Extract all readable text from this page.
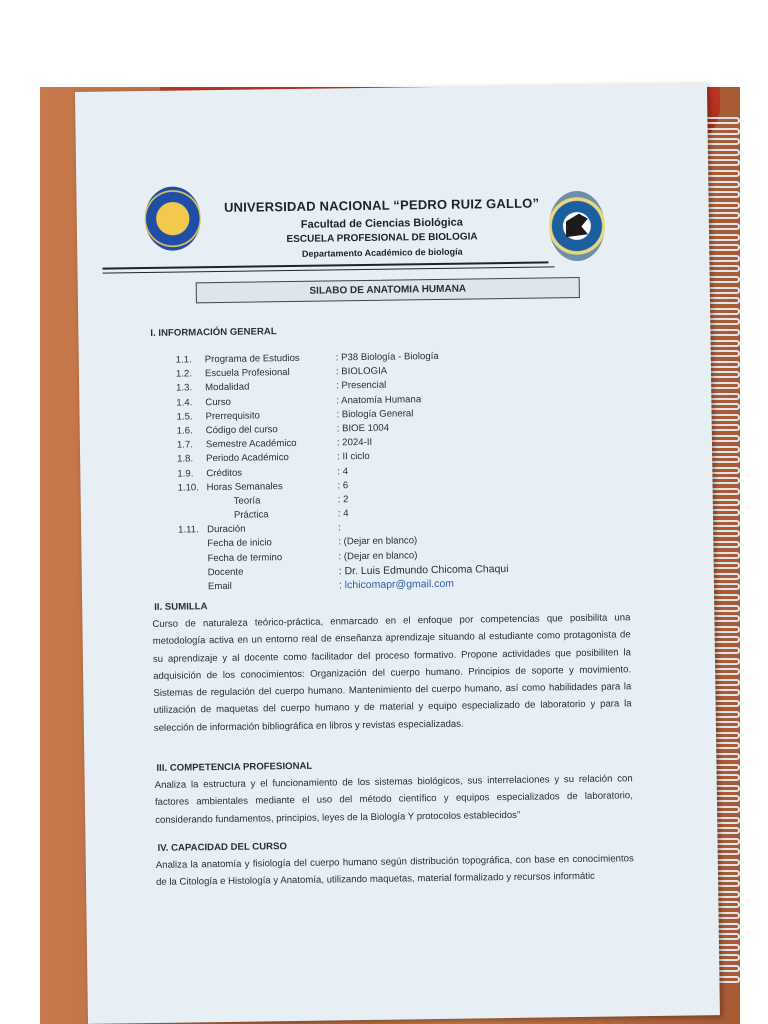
UNIVERSIDAD NACIONAL “PEDRO RUIZ GALLO”
Facultad de Ciencias Biológica
ESCUELA PROFESIONAL DE BIOLOGIA
Departamento Académico de biología
SILABO DE ANATOMIA HUMANA
I. INFORMACIÓN GENERAL
1.1. Programa de Estudios	: P38 Biología - Biología
1.2. Escuela Profesional	: BIOLOGIA
1.3. Modalidad	: Presencial
1.4. Curso	: Anatomía Humana
1.5. Prerrequisito	: Biología General
1.6. Código del curso	: BIOE 1004
1.7. Semestre Académico	: 2024-II
1.8. Periodo Académico	: II ciclo
1.9. Créditos	: 4
1.10. Horas Semanales	: 6
Teoría	: 2
Práctica	: 4
1.11. Duración	:
Fecha de inicio	: (Dejar en blanco)
Fecha de termino	: (Dejar en blanco)
Docente	: Dr. Luis Edmundo Chicoma Chaqui
Email	: lchicomapr@gmail.com
II. SUMILLA
Curso de naturaleza teórico-práctica, enmarcado en el enfoque por competencias que posibilita una metodología activa en un entorno real de enseñanza aprendizaje situando al estudiante como protagonista de su aprendizaje y al docente como facilitador del proceso formativo. Propone actividades que posibiliten la adquisición de los conocimientos: Organización del cuerpo humano. Principios de soporte y movimiento. Sistemas de regulación del cuerpo humano. Mantenimiento del cuerpo humano, así como habilidades para la utilización de maquetas del cuerpo humano y de material y equipo especializado de laboratorio y para la selección de información bibliográfica en libros y revistas especializadas.
III. COMPETENCIA PROFESIONAL
Analiza la estructura y el funcionamiento de los sistemas biológicos, sus interrelaciones y su relación con factores ambientales mediante el uso del método científico y equipos especializados de laboratorio, considerando fundamentos, principios, leyes de la Biología Y protocolos establecidos”
IV. CAPACIDAD DEL CURSO
Analiza la anatomía y fisiología del cuerpo humano según distribución topográfica, con base en conocimientos de la Citología e Histología y Anatomía, utilizando maquetas, material formalizado y recursos informátic
